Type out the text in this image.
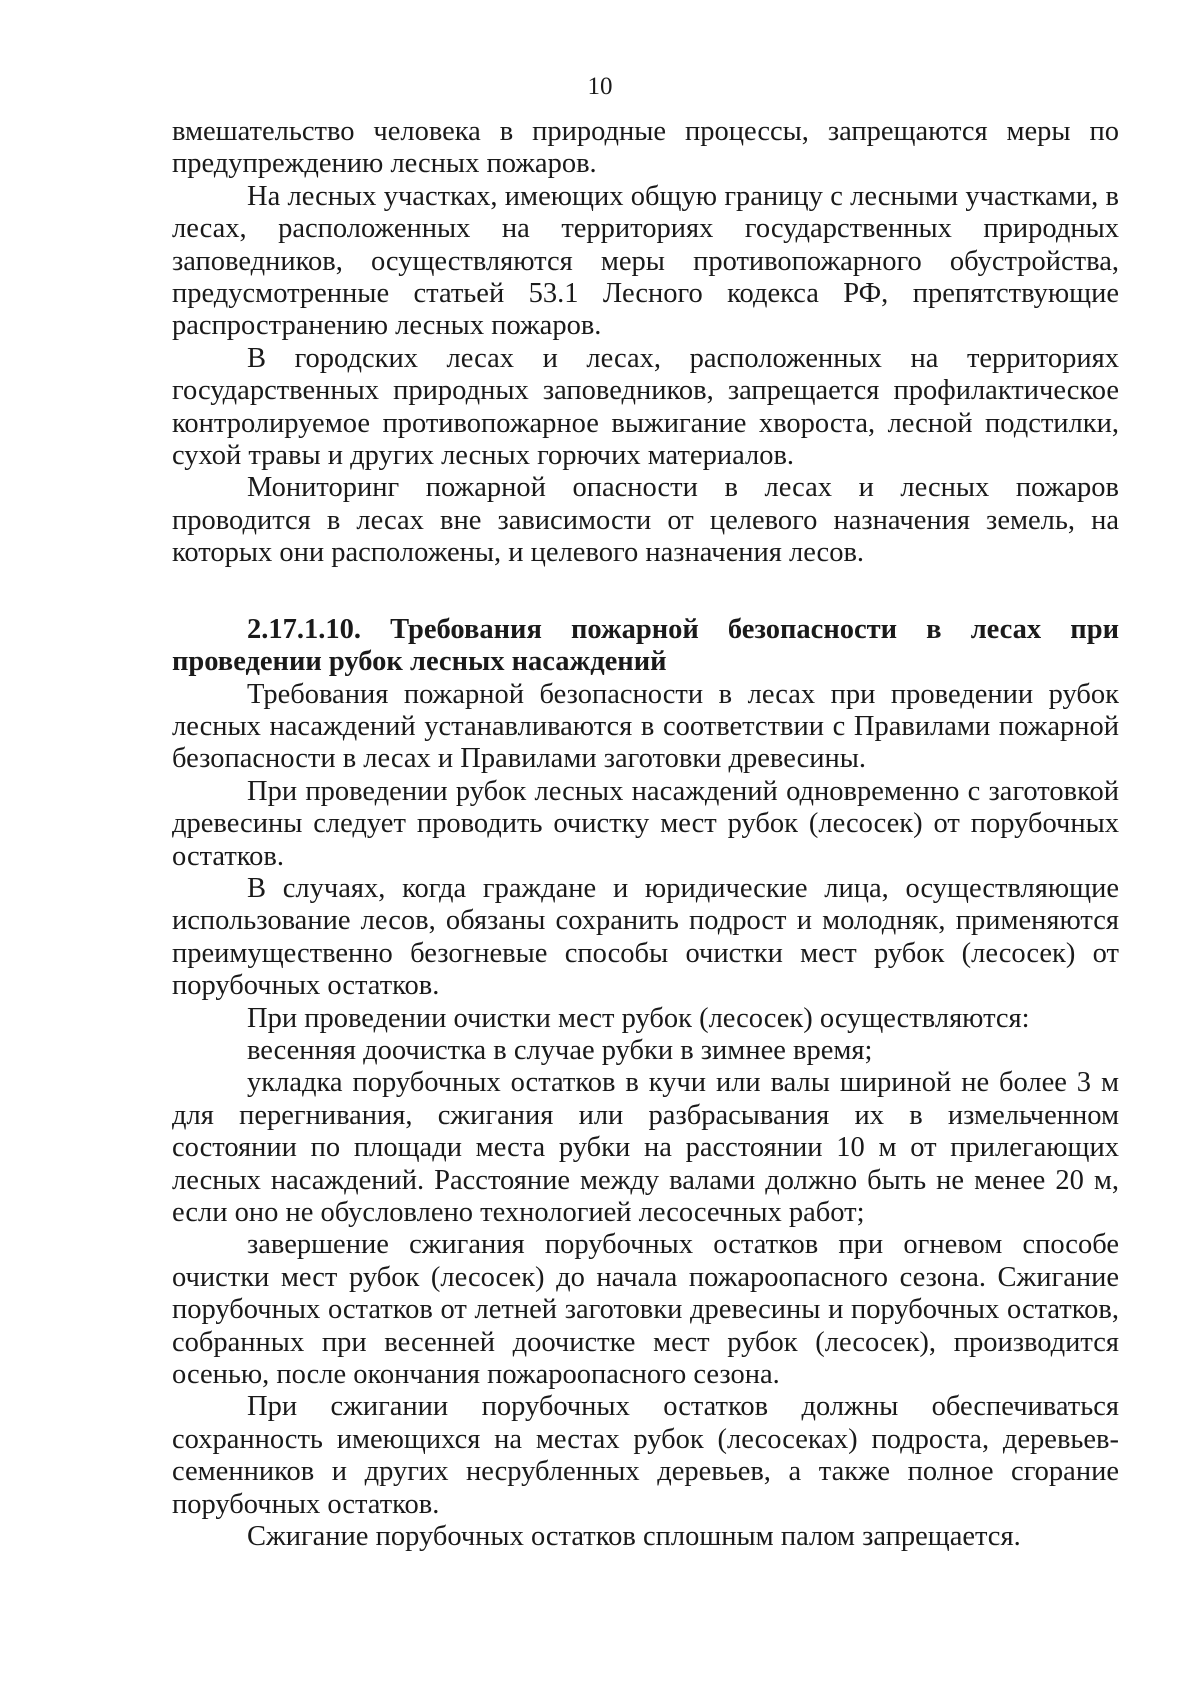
10

вмешательство человека в природные процессы, запрещаются меры по предупреждению лесных пожаров.

На лесных участках, имеющих общую границу с лесными участками, в лесах, расположенных на территориях государственных природных заповедников, осуществляются меры противопожарного обустройства, предусмотренные статьей 53.1 Лесного кодекса РФ, препятствующие распространению лесных пожаров.

В городских лесах и лесах, расположенных на территориях государственных природных заповедников, запрещается профилактическое контролируемое противопожарное выжигание хвороста, лесной подстилки, сухой травы и других лесных горючих материалов.

Мониторинг пожарной опасности в лесах и лесных пожаров проводится в лесах вне зависимости от целевого назначения земель, на которых они расположены, и целевого назначения лесов.

2.17.1.10. Требования пожарной безопасности в лесах при проведении рубок лесных насаждений

Требования пожарной безопасности в лесах при проведении рубок лесных насаждений устанавливаются в соответствии с Правилами пожарной безопасности в лесах и Правилами заготовки древесины.

При проведении рубок лесных насаждений одновременно с заготовкой древесины следует проводить очистку мест рубок (лесосек) от порубочных остатков.

В случаях, когда граждане и юридические лица, осуществляющие использование лесов, обязаны сохранить подрост и молодняк, применяются преимущественно безогневые способы очистки мест рубок (лесосек) от порубочных остатков.

При проведении очистки мест рубок (лесосек) осуществляются:

весенняя доочистка в случае рубки в зимнее время;

укладка порубочных остатков в кучи или валы шириной не более 3 м для перегнивания, сжигания или разбрасывания их в измельченном состоянии по площади места рубки на расстоянии 10 м от прилегающих лесных насаждений. Расстояние между валами должно быть не менее 20 м, если оно не обусловлено технологией лесосечных работ;

завершение сжигания порубочных остатков при огневом способе очистки мест рубок (лесосек) до начала пожароопасного сезона. Сжигание порубочных остатков от летней заготовки древесины и порубочных остатков, собранных при весенней доочистке мест рубок (лесосек), производится осенью, после окончания пожароопасного сезона.

При сжигании порубочных остатков должны обеспечиваться сохранность имеющихся на местах рубок (лесосеках) подроста, деревьев-семенников и других несрубленных деревьев, а также полное сгорание порубочных остатков.

Сжигание порубочных остатков сплошным палом запрещается.
